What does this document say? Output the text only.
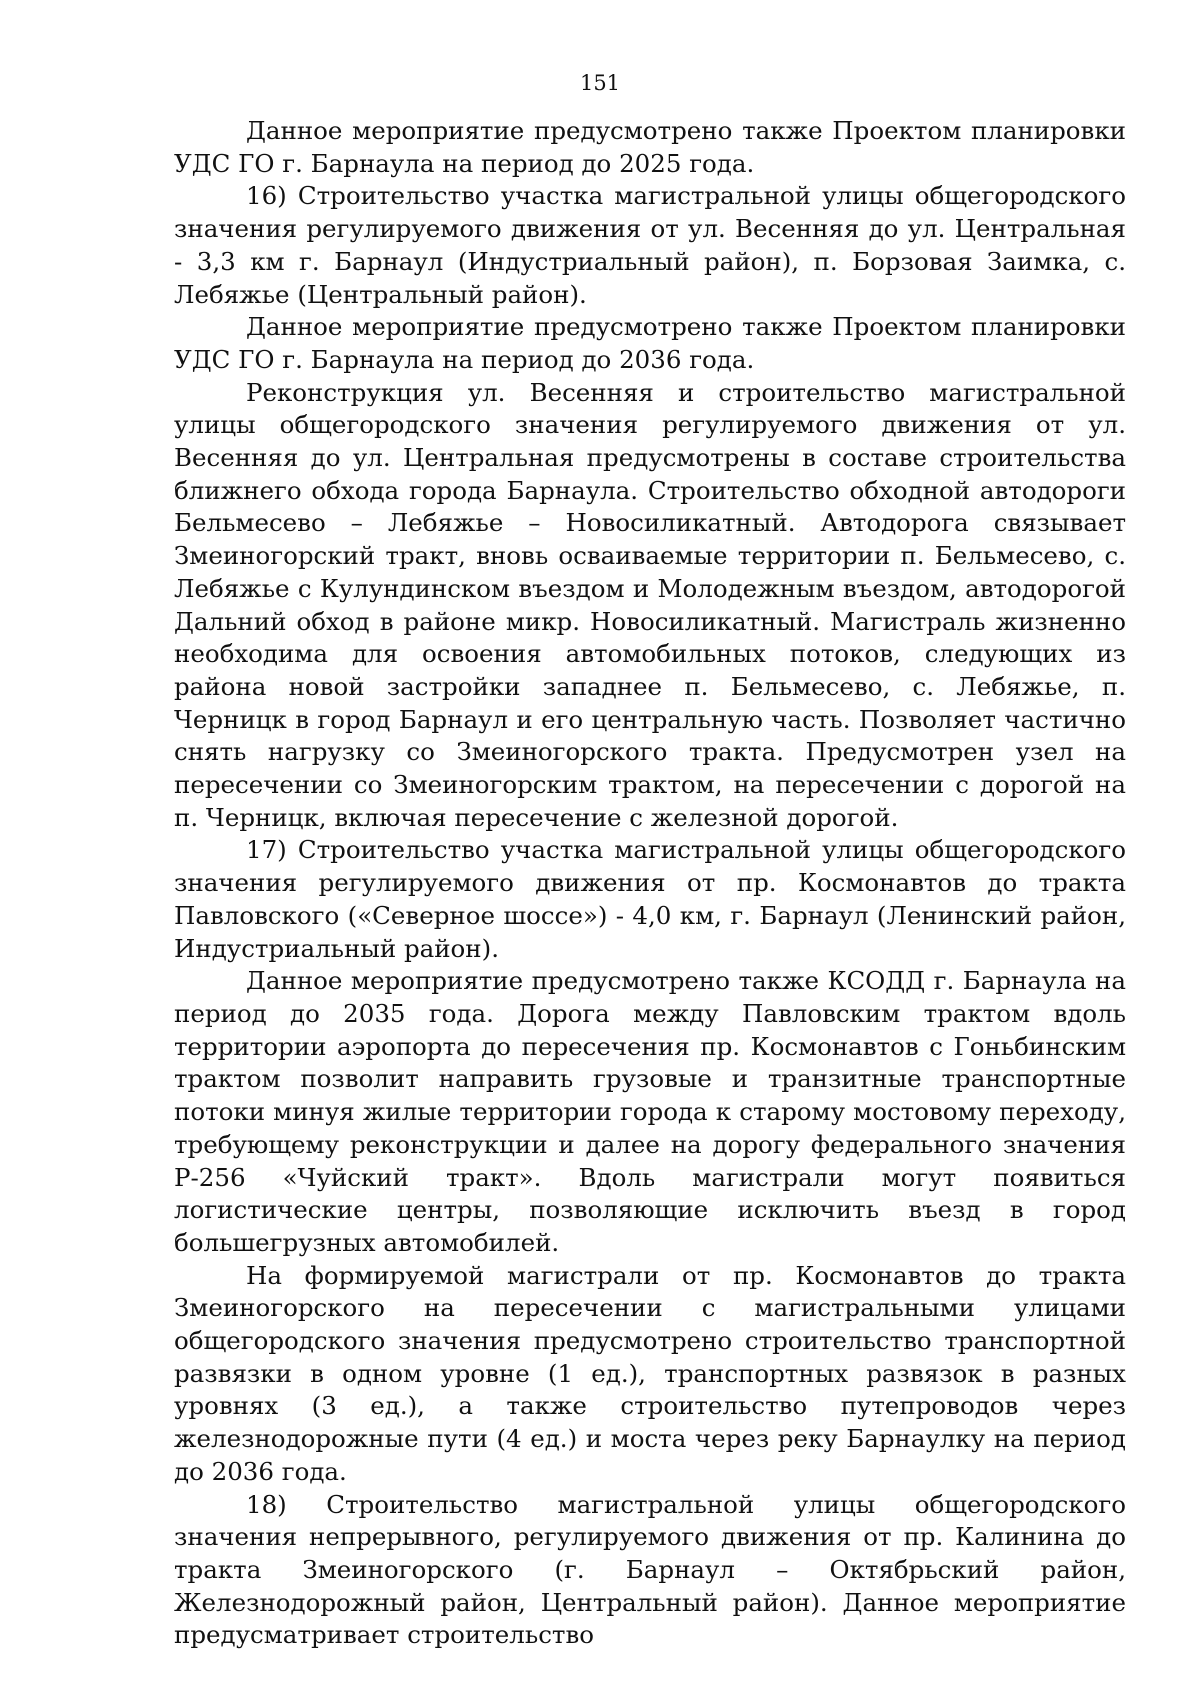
151

Данное мероприятие предусмотрено также Проектом планировки УДС ГО г. Барнаула на период до 2025 года.

16) Строительство участка магистральной улицы общегородского значения регулируемого движения от ул. Весенняя до ул. Центральная - 3,3 км г. Барнаул (Индустриальный район), п. Борзовая Заимка, с. Лебяжье (Центральный район).

Данное мероприятие предусмотрено также Проектом планировки УДС ГО г. Барнаула на период до 2036 года.

Реконструкция ул. Весенняя и строительство магистральной улицы общегородского значения регулируемого движения от ул. Весенняя до ул. Центральная предусмотрены в составе строительства ближнего обхода города Барнаула. Строительство обходной автодороги Бельмесево – Лебяжье – Новосиликатный. Автодорога связывает Змеиногорский тракт, вновь осваиваемые территории п. Бельмесево, с. Лебяжье с Кулундинском въездом и Молодежным въездом, автодорогой Дальний обход в районе микр. Новосиликатный. Магистраль жизненно необходима для освоения автомобильных потоков, следующих из района новой застройки западнее п. Бельмесево, с. Лебяжье, п. Черницк в город Барнаул и его центральную часть. Позволяет частично снять нагрузку со Змеиногорского тракта. Предусмотрен узел на пересечении со Змеиногорским трактом, на пересечении с дорогой на п. Черницк, включая пересечение с железной дорогой.

17) Строительство участка магистральной улицы общегородского значения регулируемого движения от пр. Космонавтов до тракта Павловского («Северное шоссе») - 4,0 км, г. Барнаул (Ленинский район, Индустриальный район).

Данное мероприятие предусмотрено также КСОДД г. Барнаула на период до 2035 года. Дорога между Павловским трактом вдоль территории аэропорта до пересечения пр. Космонавтов с Гоньбинским трактом позволит направить грузовые и транзитные транспортные потоки минуя жилые территории города к старому мостовому переходу, требующему реконструкции и далее на дорогу федерального значения Р-256 «Чуйский тракт». Вдоль магистрали могут появиться логистические центры, позволяющие исключить въезд в город большегрузных автомобилей.

На формируемой магистрали от пр. Космонавтов до тракта Змеиногорского на пересечении с магистральными улицами общегородского значения предусмотрено строительство транспортной развязки в одном уровне (1 ед.), транспортных развязок в разных уровнях (3 ед.), а также строительство путепроводов через железнодорожные пути (4 ед.) и моста через реку Барнаулку на период до 2036 года.

18) Строительство магистральной улицы общегородского значения непрерывного, регулируемого движения от пр. Калинина до тракта Змеиногорского (г. Барнаул – Октябрьский район, Железнодорожный район, Центральный район). Данное мероприятие предусматривает строительство
